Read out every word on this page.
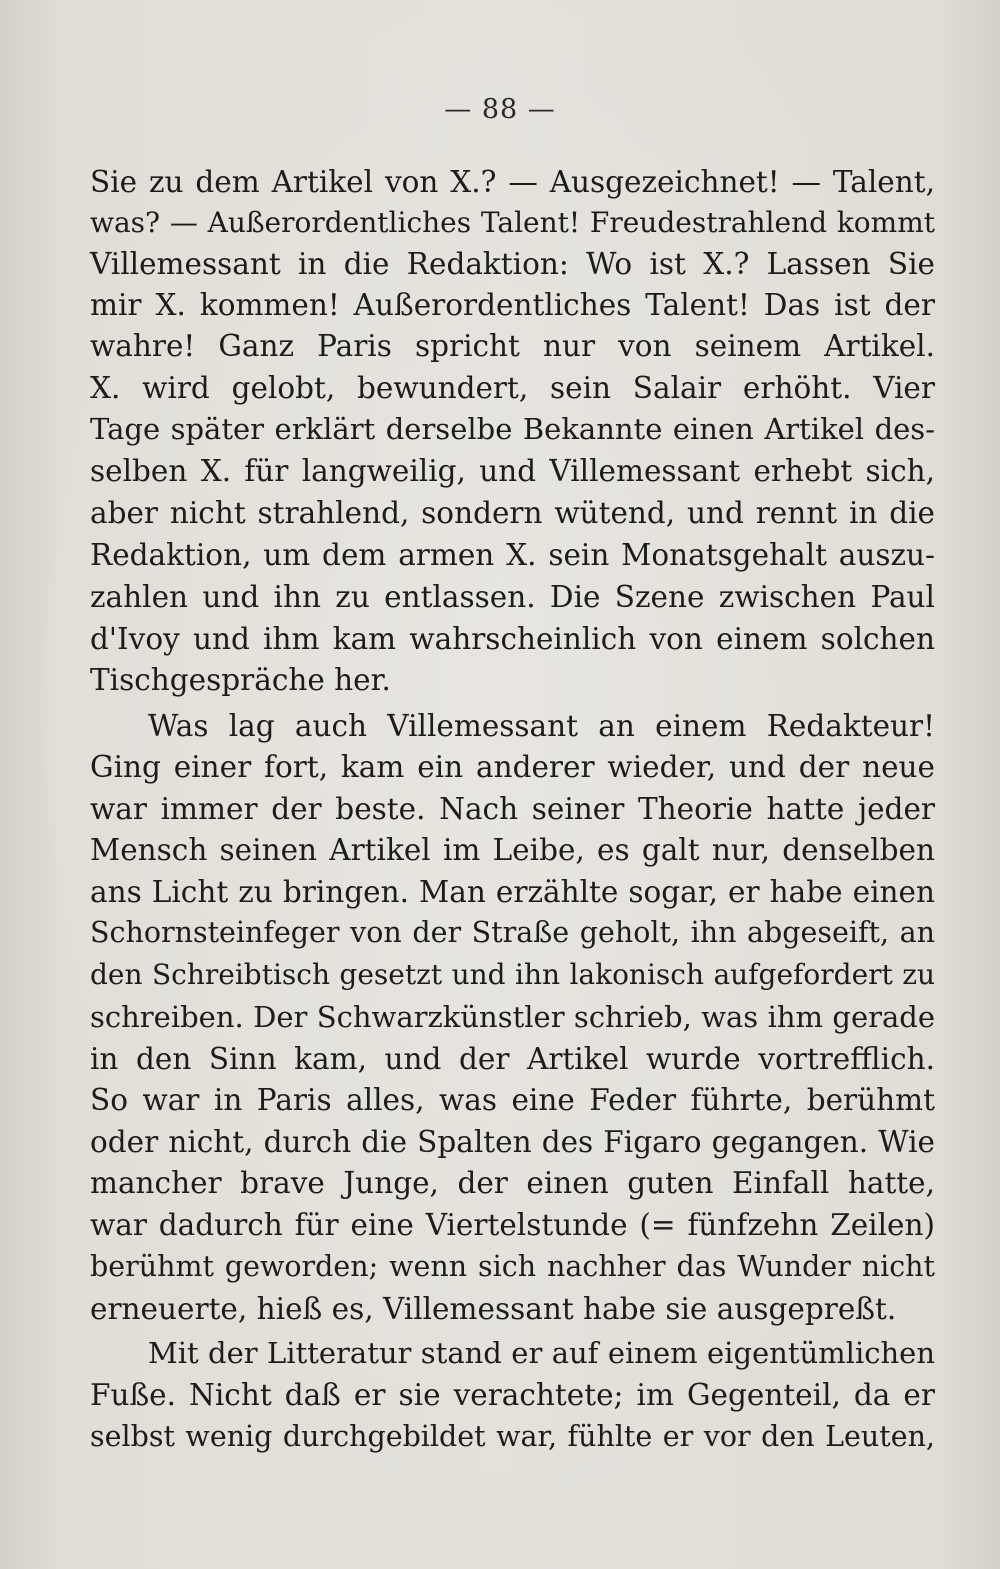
— 88 —
Sie zu dem Artikel von X.? — Ausgezeichnet! — Talent,
was? — Außerordentliches Talent! Freudestrahlend kommt
Villemessant in die Redaktion: Wo ist X.? Lassen Sie
mir X. kommen! Außerordentliches Talent! Das ist der
wahre! Ganz Paris spricht nur von seinem Artikel.
X. wird gelobt, bewundert, sein Salair erhöht. Vier
Tage später erklärt derselbe Bekannte einen Artikel des-
selben X. für langweilig, und Villemessant erhebt sich,
aber nicht strahlend, sondern wütend, und rennt in die
Redaktion, um dem armen X. sein Monatsgehalt auszu-
zahlen und ihn zu entlassen. Die Szene zwischen Paul
d'Ivoy und ihm kam wahrscheinlich von einem solchen
Tischgespräche her.
Was lag auch Villemessant an einem Redakteur!
Ging einer fort, kam ein anderer wieder, und der neue
war immer der beste. Nach seiner Theorie hatte jeder
Mensch seinen Artikel im Leibe, es galt nur, denselben
ans Licht zu bringen. Man erzählte sogar, er habe einen
Schornsteinfeger von der Straße geholt, ihn abgeseift, an
den Schreibtisch gesetzt und ihn lakonisch aufgefordert zu
schreiben. Der Schwarzkünstler schrieb, was ihm gerade
in den Sinn kam, und der Artikel wurde vortrefflich.
So war in Paris alles, was eine Feder führte, berühmt
oder nicht, durch die Spalten des Figaro gegangen. Wie
mancher brave Junge, der einen guten Einfall hatte,
war dadurch für eine Viertelstunde (= fünfzehn Zeilen)
berühmt geworden; wenn sich nachher das Wunder nicht
erneuerte, hieß es, Villemessant habe sie ausgepreßt.
Mit der Litteratur stand er auf einem eigentümlichen
Fuße. Nicht daß er sie verachtete; im Gegenteil, da er
selbst wenig durchgebildet war, fühlte er vor den Leuten,
